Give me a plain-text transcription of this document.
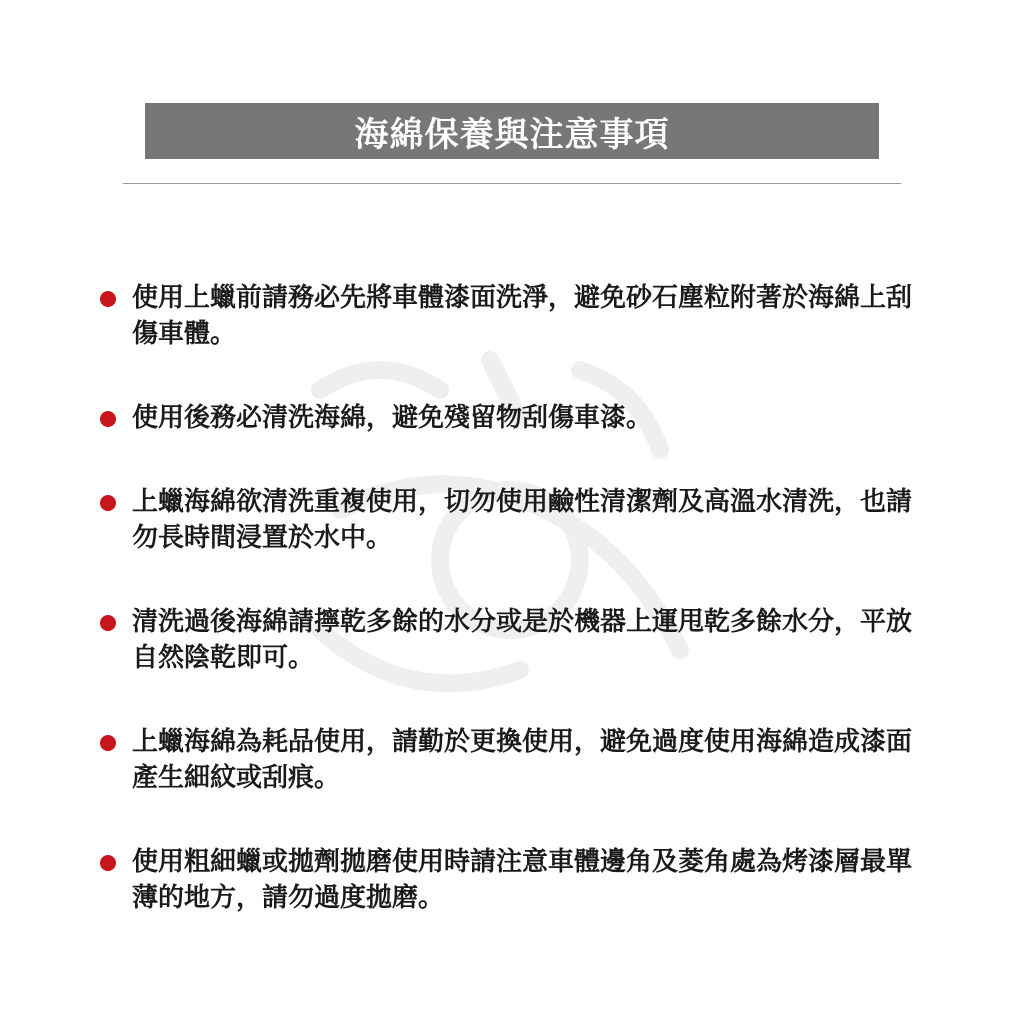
海綿保養與注意事項
使用上蠟前請務必先將車體漆面洗淨，避免砂石塵粒附著於海綿上刮傷車體。
使用後務必清洗海綿，避免殘留物刮傷車漆。
上蠟海綿欲清洗重複使用，切勿使用鹼性清潔劑及高溫水清洗，也請勿長時間浸置於水中。
清洗過後海綿請擰乾多餘的水分或是於機器上運甩乾多餘水分，平放自然陰乾即可。
上蠟海綿為耗品使用，請勤於更換使用，避免過度使用海綿造成漆面產生細紋或刮痕。
使用粗細蠟或拋劑拋磨使用時請注意車體邊角及菱角處為烤漆層最單薄的地方，請勿過度拋磨。
